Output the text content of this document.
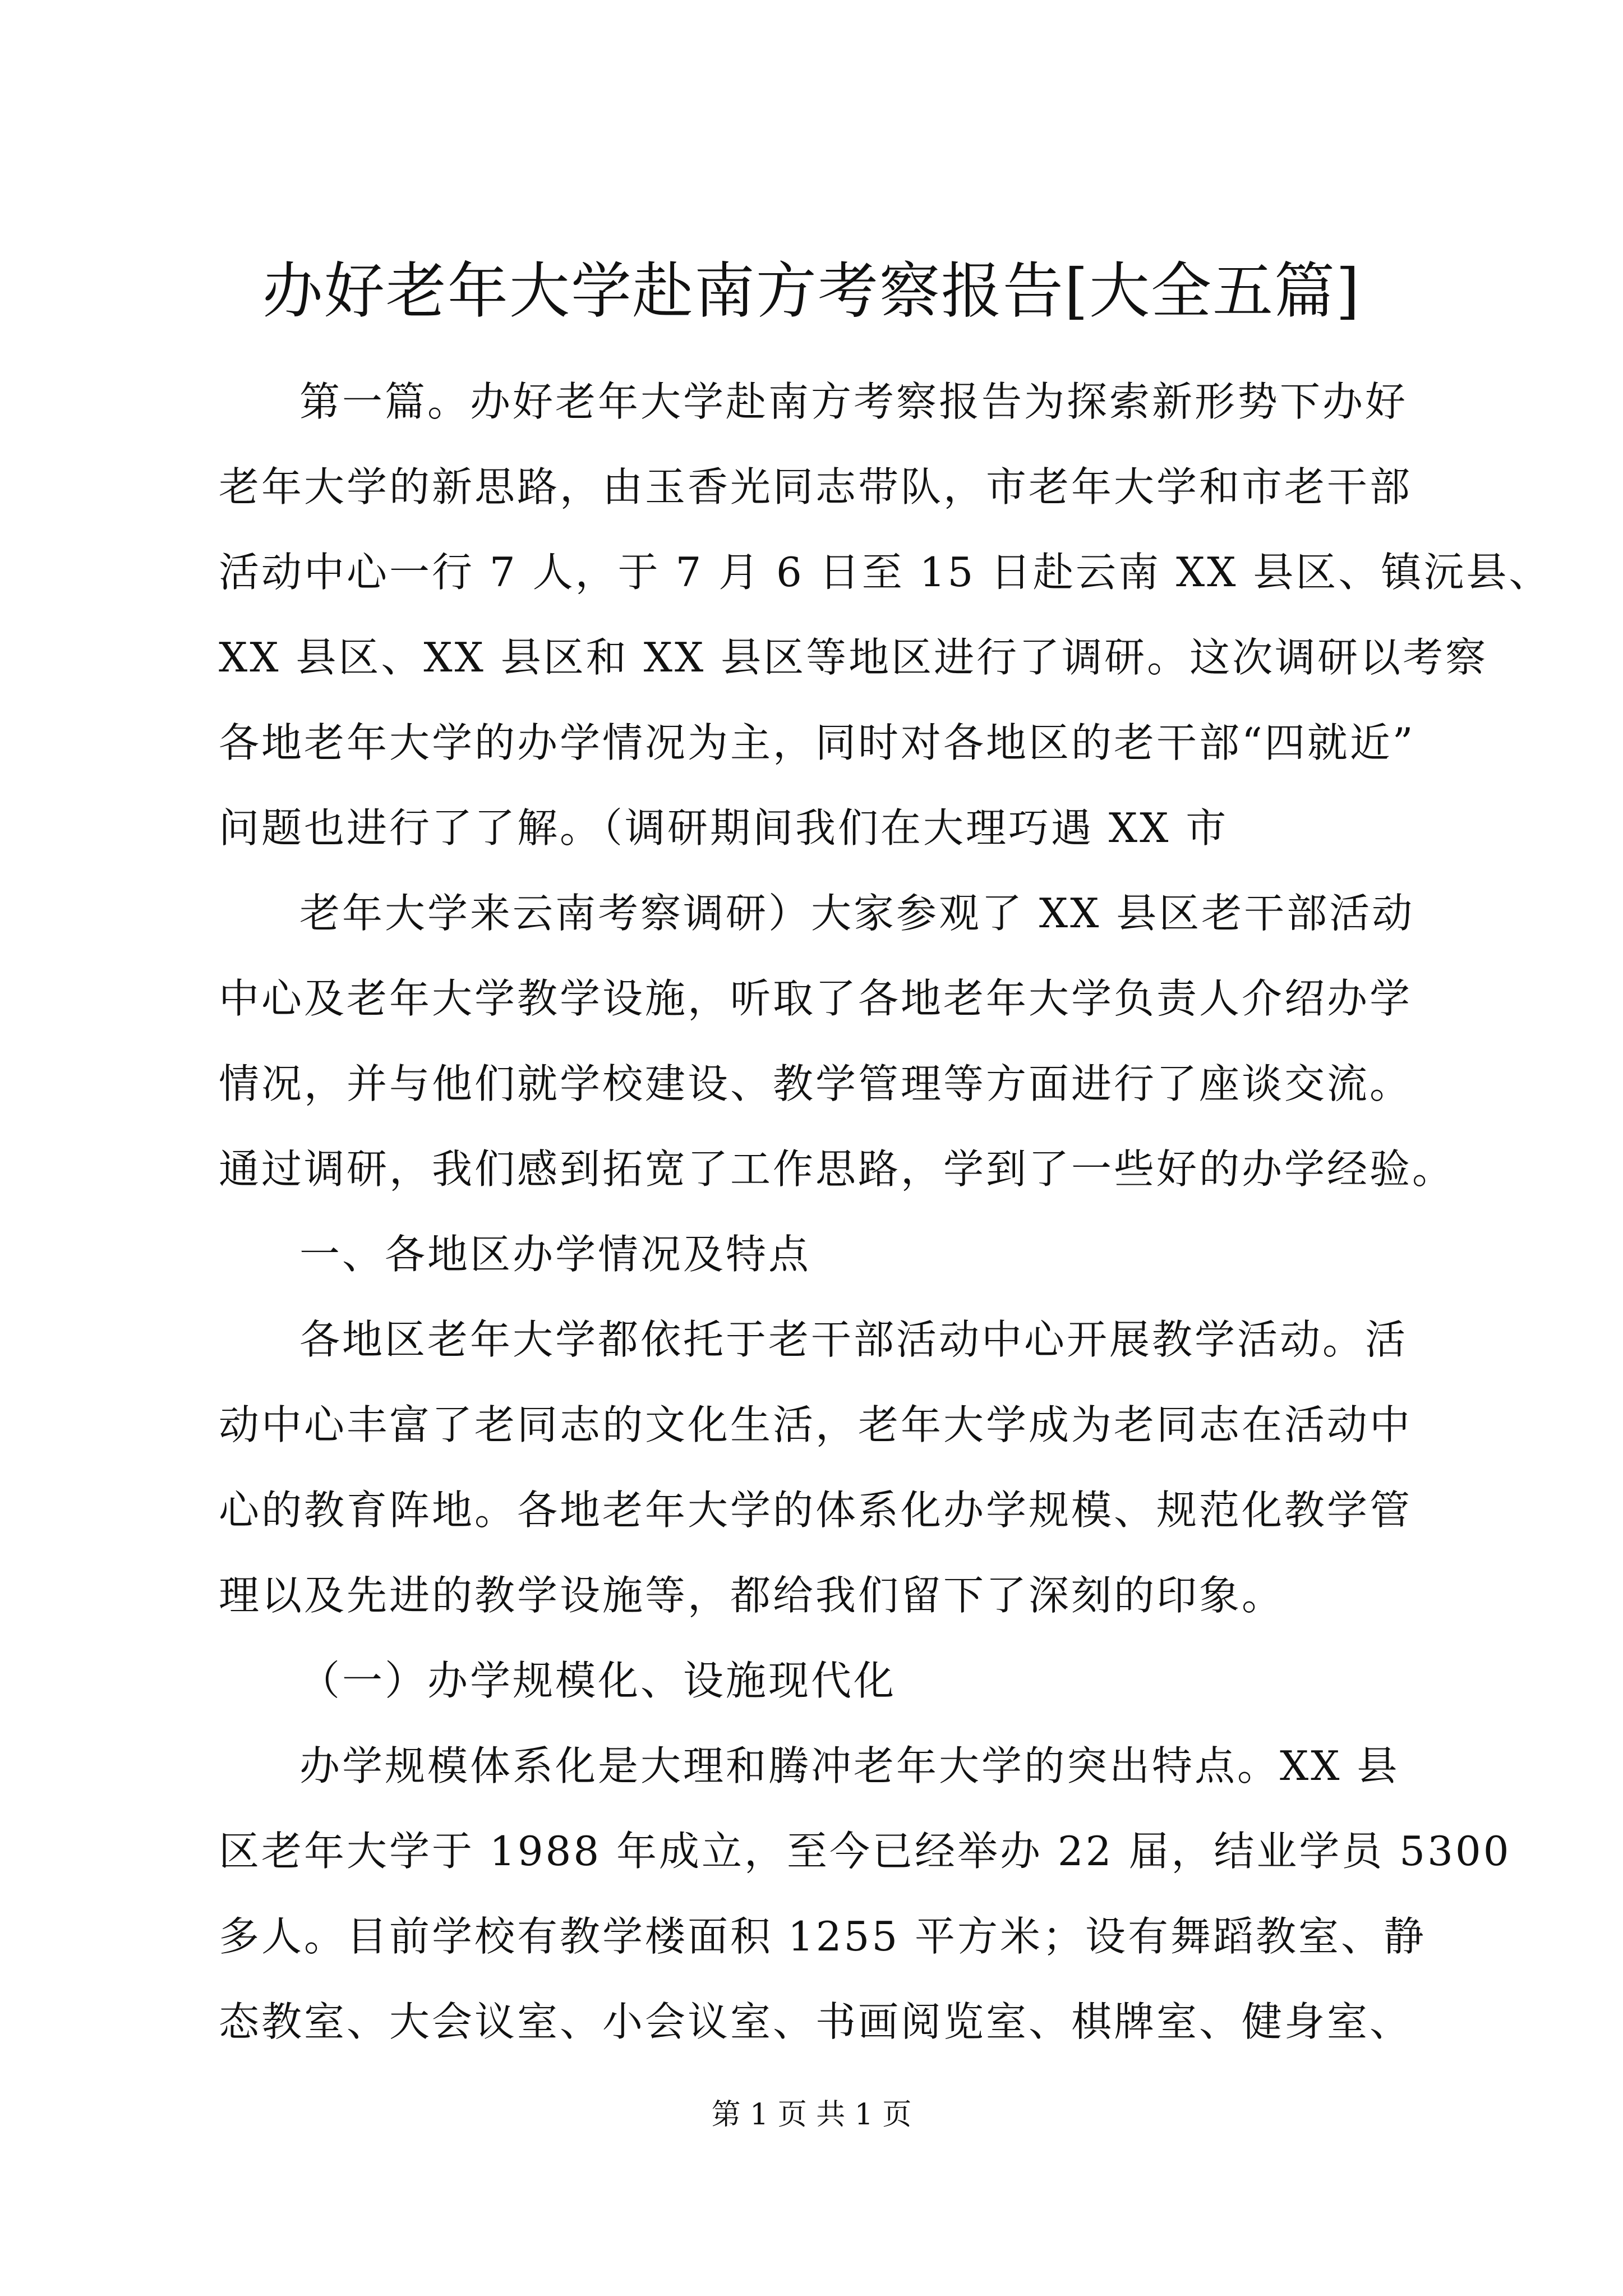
办好老年大学赴南方考察报告[大全五篇]
第一篇。办好老年大学赴南方考察报告为探索新形势下办好
老年大学的新思路，由玉香光同志带队，市老年大学和市老干部
活动中心一行 7 人，于 7 月 6 日至 15 日赴云南 XX 县区、镇沅县、
XX 县区、XX 县区和 XX 县区等地区进行了调研。这次调研以考察
各地老年大学的办学情况为主，同时对各地区的老干部“四就近”
问题也进行了了解。（调研期间我们在大理巧遇 XX 市
老年大学来云南考察调研）大家参观了 XX 县区老干部活动
中心及老年大学教学设施，听取了各地老年大学负责人介绍办学
情况，并与他们就学校建设、教学管理等方面进行了座谈交流。
通过调研，我们感到拓宽了工作思路，学到了一些好的办学经验。
一、各地区办学情况及特点
各地区老年大学都依托于老干部活动中心开展教学活动。活
动中心丰富了老同志的文化生活，老年大学成为老同志在活动中
心的教育阵地。各地老年大学的体系化办学规模、规范化教学管
理以及先进的教学设施等，都给我们留下了深刻的印象。
（一）办学规模化、设施现代化
办学规模体系化是大理和腾冲老年大学的突出特点。XX 县
区老年大学于 1988 年成立，至今已经举办 22 届，结业学员 5300
多人。目前学校有教学楼面积 1255 平方米；设有舞蹈教室、静
态教室、大会议室、小会议室、书画阅览室、棋牌室、健身室、
第 1 页 共 1 页
